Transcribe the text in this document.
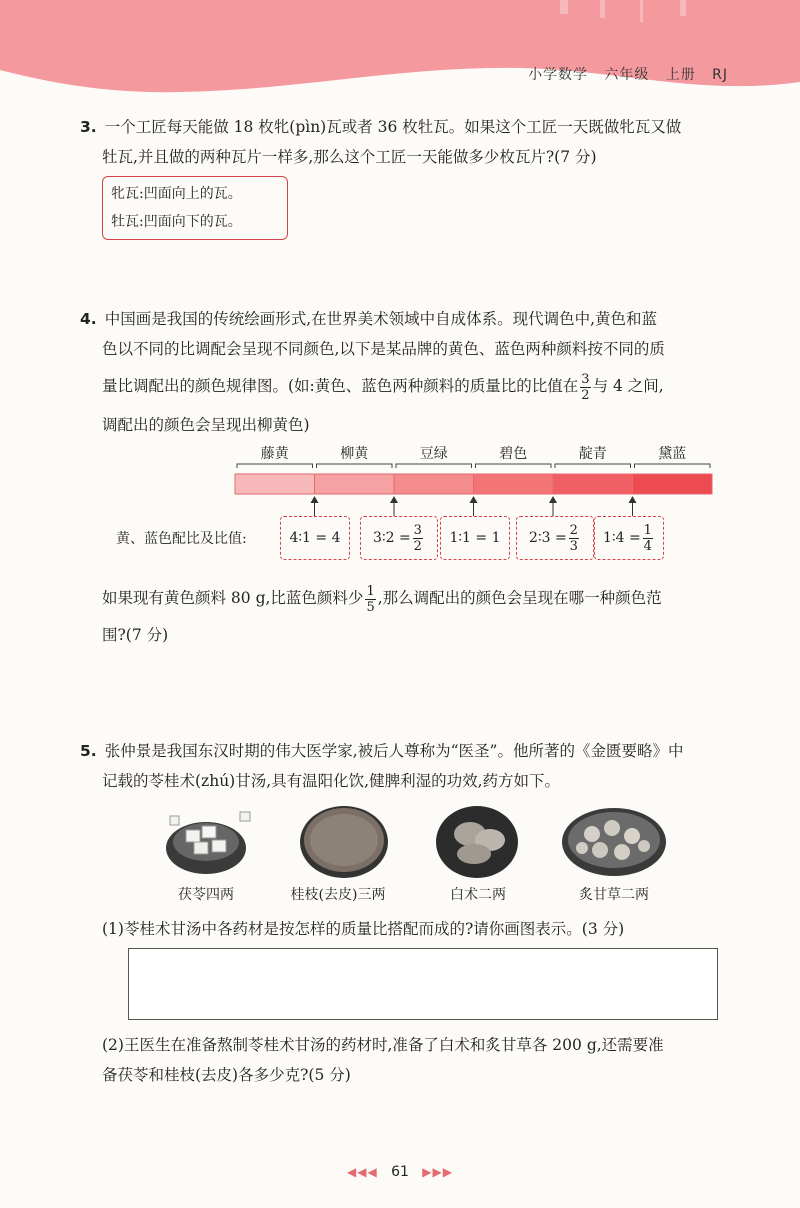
小学数学 六年级 上册 RJ
3. 一个工匠每天能做 18 枚牝(pìn)瓦或者 36 枚牡瓦。如果这个工匠一天既做牝瓦又做
牡瓦,并且做的两种瓦片一样多,那么这个工匠一天能做多少枚瓦片?(7 分)
牝瓦:凹面向上的瓦。
牡瓦:凹面向下的瓦。
4. 中国画是我国的传统绘画形式,在世界美术领域中自成体系。现代调色中,黄色和蓝
色以不同的比调配会呈现不同颜色,以下是某品牌的黄色、蓝色两种颜料按不同的质
量比调配出的颜色规律图。(如:黄色、蓝色两种颜料的质量比的比值在 $\frac{3}{2}$ 与 4 之间,
调配出的颜色会呈现出柳黄色)
藤黄	柳黄	豆绿	碧色	靛青	黛蓝
黄、蓝色配比及比值:	4∶1 = 4 3∶2 = $\frac{3}{2}$ 1∶1 = 1 2∶3 = $\frac{2}{3}$ 1∶4 = $\frac{1}{4}$
如果现有黄色颜料 80 g,比蓝色颜料少 $\frac{1}{5}$ ,那么调配出的颜色会呈现在哪一种颜色范
围?(7 分)
5. 张仲景是我国东汉时期的伟大医学家,被后人尊称为“医圣”。他所著的《金匮要略》中
记载的苓桂术(zhú)甘汤,具有温阳化饮,健脾利湿的功效,药方如下。
茯苓四两	桂枝(去皮)三两	白术二两	炙甘草二两
(1)苓桂术甘汤中各药材是按怎样的质量比搭配而成的?请你画图表示。(3 分)
(2)王医生在准备熬制苓桂术甘汤的药材时,准备了白术和炙甘草各 200 g,还需要准
备茯苓和桂枝(去皮)各多少克?(5 分)
◀◀◀ 61 ▶▶▶
